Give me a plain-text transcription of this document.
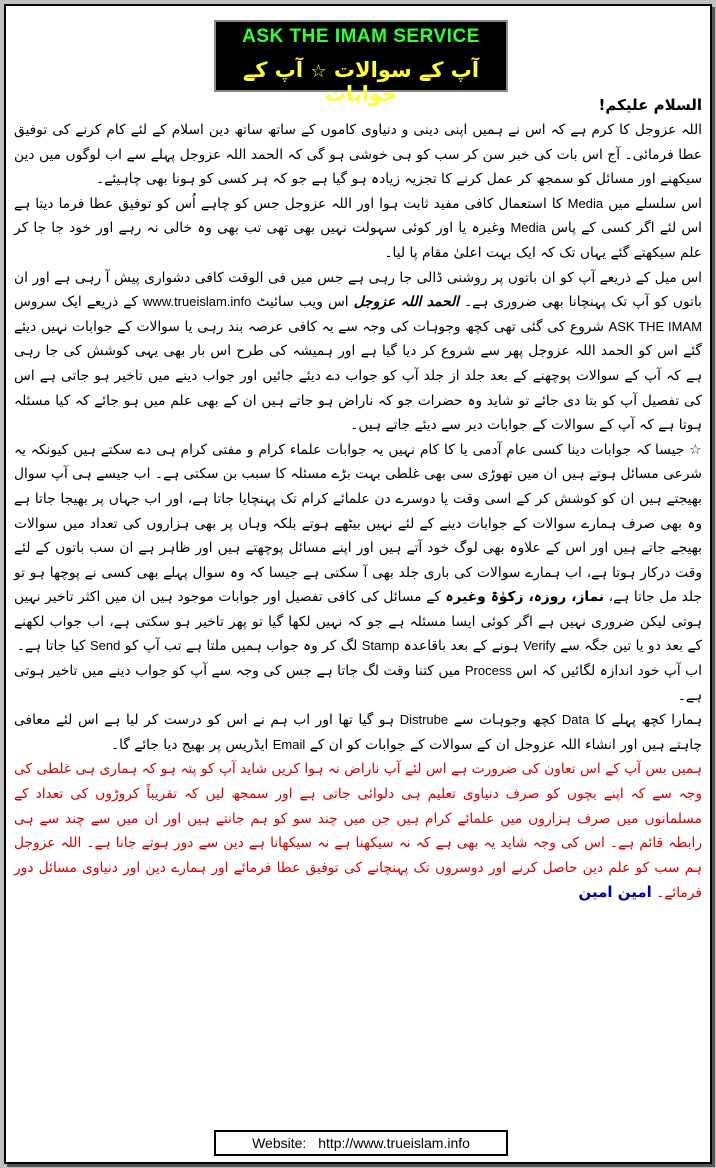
ASK THE IMAM SERVICE
آپ کے سوالات ☆ آپ کے جوابات	السلام علیکم!

اللہ عزوجل کا کرم ہے کہ اس نے ہمیں اپنی دینی و دنیاوی کاموں کے ساتھ ساتھ دین اسلام کے لئے کام کرنے کی توفیق عطا فرمائی۔ آج اس بات کی خبر سن کر سب کو ہی خوشی ہو گی کہ الحمد اللہ عزوجل پہلے سے اب لوگوں میں دین سیکھنے اور مسائل کو سمجھ کر عمل کرنے کا تجزیہ زیادہ ہو گیا ہے جو کہ ہر کسی کو ہونا بھی چاہیئے۔

اس سلسلے میں Media کا استعمال کافی مفید ثابت ہوا اور اللہ عزوجل جس کو چاہے اُس کو توفیق عطا فرما دیتا ہے اس لئے اگر کسی کے پاس Media وغیرہ یا اور کوئی سہولت نہیں بھی تھی تب بھی وہ خالی نہ رہے اور خود جا جا کر علم سیکھتے گئے یہاں تک کہ ایک بہت اعلیٰ مقام پا لیا۔

اس میل کے ذریعے آپ کو ان باتوں پر روشنی ڈالی جا رہی ہے جس میں فی الوقت کافی دشواری پیش آ رہی ہے اور ان باتوں کو آپ تک پہنچانا بھی ضروری ہے۔ الحمد اللہ عزوجل اس ویب سائیٹ www.trueislam.info کے ذریعے ایک سروس ASK THE IMAM شروع کی گئی تھی کچھ وجوہات کی وجہ سے یہ کافی عرصہ بند رہی یا سوالات کے جوابات نہیں دیئے گئے اس کو الحمد اللہ عزوجل پھر سے شروع کر دیا گیا ہے اور ہمیشہ کی طرح اس بار بھی یہی کوشش کی جا رہی ہے کہ آپ کے سوالات پوچھنے کے بعد جلد از جلد آپ کو جواب دے دیئے جائیں اور جواب دینے میں تاخیر ہو جاتی ہے اس کی تفصیل آپ کو بتا دی جائے تو شاید وہ حضرات جو کہ ناراض ہو جاتے ہیں ان کے بھی علم میں ہو جائے کہ کیا مسئلہ ہوتا ہے کہ آپ کے سوالات کے جوابات دیر سے دیئے جاتے ہیں۔

☆ جیسا کہ جوابات دینا کسی عام آدمی یا کا کام نہیں یہ جوابات علماء کرام و مفتی کرام ہی دے سکتے ہیں کیونکہ یہ شرعی مسائل ہوتے ہیں ان میں تھوڑی سی بھی غلطی بہت بڑے مسئلہ کا سبب بن سکتی ہے۔ اب جیسے ہی آپ سوال بھیجتے ہیں ان کو کوشش کر کے اسی وقت یا دوسرے دن علمائے کرام تک پہنچایا جاتا ہے، اور اب جہاں پر بھیجا جاتا ہے وہ بھی صرف ہمارے سوالات کے جوابات دینے کے لئے نہیں بیٹھے ہوتے بلکہ وہاں پر بھی ہزاروں کی تعداد میں سوالات بھیجے جاتے ہیں اور اس کے علاوہ بھی لوگ خود آتے ہیں اور اپنے مسائل پوچھتے ہیں اور ظاہر ہے ان سب باتوں کے لئے وقت درکار ہوتا ہے، اب ہمارے سوالات کی باری جلد بھی آ سکتی ہے جیسا کہ وہ سوال پہلے بھی کسی نے پوچھا ہو تو جلد مل جاتا ہے، نماز، روزہ، زکوٰۃ وغیرہ کے مسائل کی کافی تفصیل اور جوابات موجود ہیں ان میں اکثر تاخیر نہیں ہوتی لیکن ضروری نہیں ہے اگر کوئی ایسا مسئلہ ہے جو کہ نہیں لکھا گیا تو پھر تاخیر ہو سکتی ہے، اب جواب لکھنے کے بعد دو یا تین جگہ سے Verify ہونے کے بعد باقاعدہ Stamp لگ کر وہ جواب ہمیں ملتا ہے تب آپ کو Send کیا جاتا ہے۔

اب آپ خود اندازہ لگائیں کہ اس Process میں کتنا وقت لگ جاتا ہے جس کی وجہ سے آپ کو جواب دینے میں تاخیر ہوتی ہے۔

ہمارا کچھ پہلے کا Data کچھ وجوہات سے Distrube ہو گیا تھا اور اب ہم نے اس کو درست کر لیا ہے اس لئے معافی چاہتے ہیں اور انشاء اللہ عزوجل ان کے سوالات کے جوابات کو ان کے Email ایڈریس پر بھیج دیا جائے گا۔

ہمیں بس آپ کے اس تعاون کی ضرورت ہے اس لئے آپ ناراض نہ ہوا کریں شاید آپ کو پتہ ہو کہ ہماری ہی غلطی کی وجہ سے کہ اپنے بچوں کو صرف دنیاوی تعلیم ہی دلوائی جاتی ہے اور سمجھ لیں کہ تقریباً کروڑوں کی تعداد کے مسلمانوں میں صرف ہزاروں میں علمائے کرام ہیں جن میں چند سو کو ہم جانتے ہیں اور ان میں سے چند سے ہی رابطہ قائم ہے۔ اس کی وجہ شاید یہ بھی ہے کہ نہ سیکھنا ہے نہ سیکھانا ہے دین سے دور ہوتے جانا ہے۔ اللہ عزوجل ہم سب کو علم دین حاصل کرنے اور دوسروں تک پہنچانے کی توفیق عطا فرمائے اور ہمارے دین اور دنیاوی مسائل دور فرمائے۔ امین امین

Website: http://www.trueislam.info
